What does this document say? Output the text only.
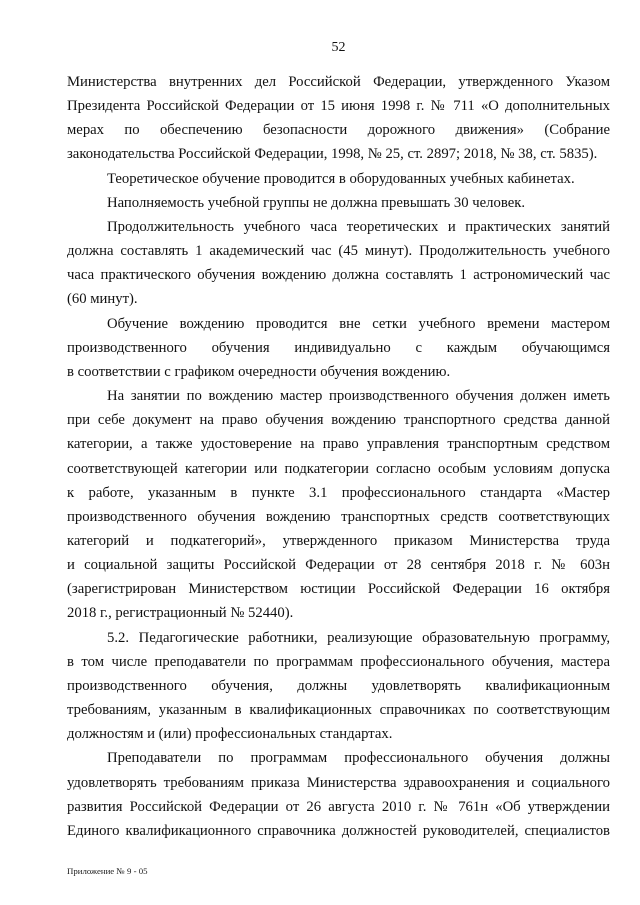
52
Министерства внутренних дел Российской Федерации, утвержденного Указом
Президента Российской Федерации от 15 июня 1998 г. № 711 «О дополнительных
мерах по обеспечению безопасности дорожного движения» (Собрание
законодательства Российской Федерации, 1998, № 25, ст. 2897; 2018, № 38, ст. 5835).
Теоретическое обучение проводится в оборудованных учебных кабинетах.
Наполняемость учебной группы не должна превышать 30 человек.
Продолжительность учебного часа теоретических и практических занятий
должна составлять 1 академический час (45 минут). Продолжительность учебного
часа практического обучения вождению должна составлять 1 астрономический час
(60 минут).
Обучение вождению проводится вне сетки учебного времени мастером
производственного обучения индивидуально с каждым обучающимся
в соответствии с графиком очередности обучения вождению.
На занятии по вождению мастер производственного обучения должен иметь
при себе документ на право обучения вождению транспортного средства данной
категории, а также удостоверение на право управления транспортным средством
соответствующей категории или подкатегории согласно особым условиям допуска
к работе, указанным в пункте 3.1 профессионального стандарта «Мастер
производственного обучения вождению транспортных средств соответствующих
категорий и подкатегорий», утвержденного приказом Министерства труда
и социальной защиты Российской Федерации от 28 сентября 2018 г. № 603н
(зарегистрирован Министерством юстиции Российской Федерации 16 октября
2018 г., регистрационный № 52440).
5.2. Педагогические работники, реализующие образовательную программу,
в том числе преподаватели по программам профессионального обучения, мастера
производственного обучения, должны удовлетворять квалификационным
требованиям, указанным в квалификационных справочниках по соответствующим
должностям и (или) профессиональных стандартах.
Преподаватели по программам профессионального обучения должны
удовлетворять требованиям приказа Министерства здравоохранения и социального
развития Российской Федерации от 26 августа 2010 г. № 761н «Об утверждении
Единого квалификационного справочника должностей руководителей, специалистов
Приложение № 9 - 05
